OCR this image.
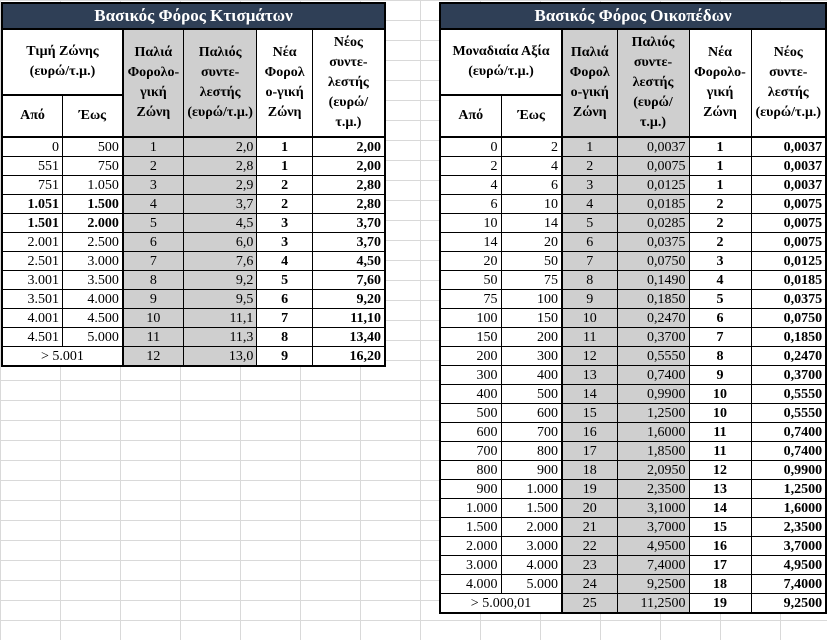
Βασικός Φόρος Κτισμάτων					
Τιμή Ζώνης (ευρώ/τ.μ.)		Παλιά Φορολο-γική Ζώνη	Παλιός συντε-λεστής (ευρώ/τ.μ.)	Νέα Φορολ ο-γική Ζώνη	Νέος συντε-λεστής (ευρώ/τ.μ.)
Από	Έως				
0	500	1	2,0	1	2,00
551	750	2	2,8	1	2,00
751	1.050	3	2,9	2	2,80
1.051	1.500	4	3,7	2	2,80
1.501	2.000	5	4,5	3	3,70
2.001	2.500	6	6,0	3	3,70
2.501	3.000	7	7,6	4	4,50
3.001	3.500	8	9,2	5	7,60
3.501	4.000	9	9,5	6	9,20
4.001	4.500	10	11,1	7	11,10
4.501	5.000	11	11,3	8	13,40
> 5.001		12	13,0	9	16,20
Βασικός Φόρος Οικοπέδων					
Μοναδιαία Αξία (ευρώ/τ.μ.)		Παλιά Φορολ ο-γική Ζώνη	Παλιός συντε-λεστής (ευρώ/τ.μ.)	Νέα Φορολο-γική Ζώνη	Νέος συντε-λεστής (ευρώ/τ.μ.)
Από	Έως				
0	2	1	0,0037	1	0,0037
2	4	2	0,0075	1	0,0037
4	6	3	0,0125	1	0,0037
6	10	4	0,0185	2	0,0075
10	14	5	0,0285	2	0,0075
14	20	6	0,0375	2	0,0075
20	50	7	0,0750	3	0,0125
50	75	8	0,1490	4	0,0185
75	100	9	0,1850	5	0,0375
100	150	10	0,2470	6	0,0750
150	200	11	0,3700	7	0,1850
200	300	12	0,5550	8	0,2470
300	400	13	0,7400	9	0,3700
400	500	14	0,9900	10	0,5550
500	600	15	1,2500	10	0,5550
600	700	16	1,6000	11	0,7400
700	800	17	1,8500	11	0,7400
800	900	18	2,0950	12	0,9900
900	1.000	19	2,3500	13	1,2500
1.000	1.500	20	3,1000	14	1,6000
1.500	2.000	21	3,7000	15	2,3500
2.000	3.000	22	4,9500	16	3,7000
3.000	4.000	23	7,4000	17	4,9500
4.000	5.000	24	9,2500	18	7,4000
> 5.000,01		25	11,2500	19	9,2500
